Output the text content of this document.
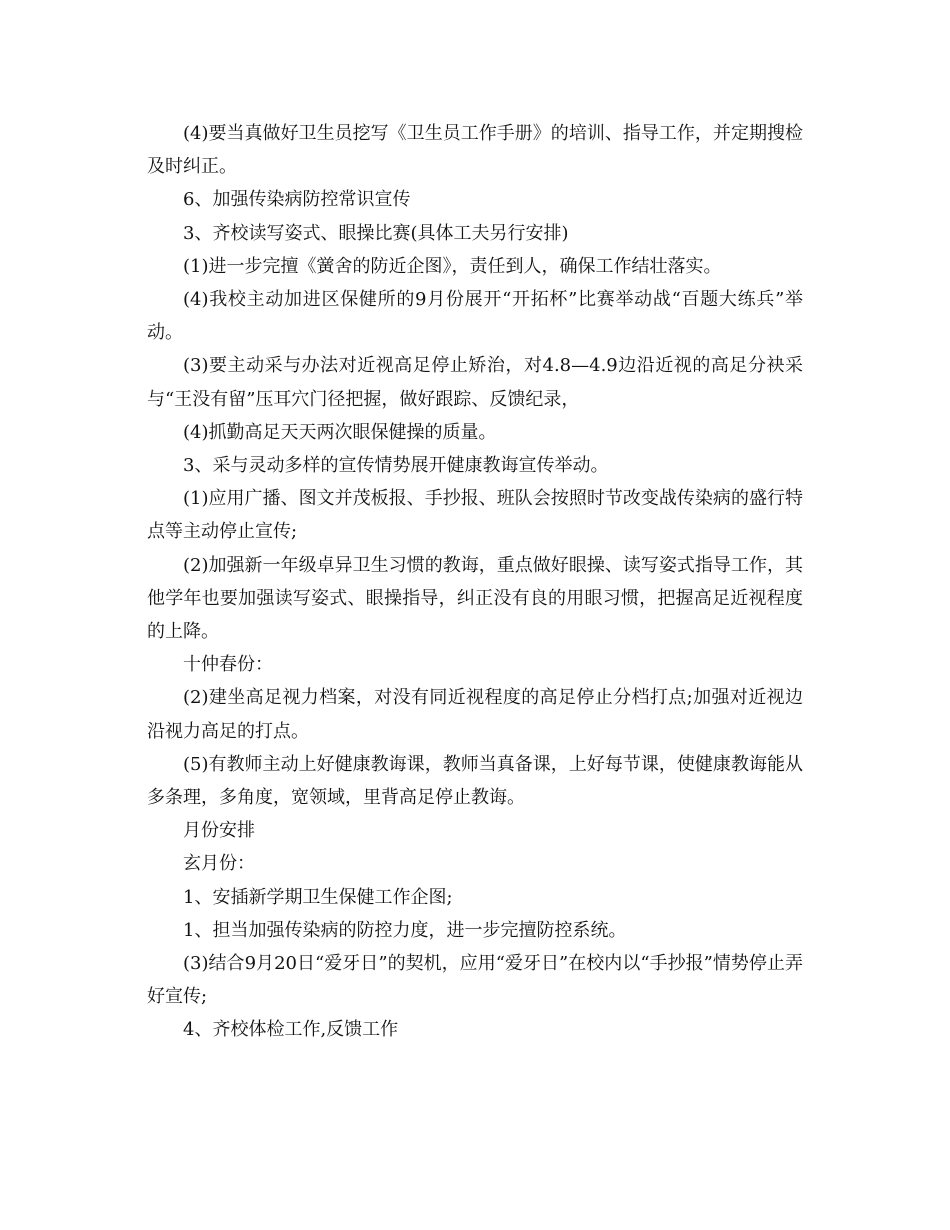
(4)要当真做好卫生员挖写《卫生员工作手册》的培训、指导工作，并定期搜检及时纠正。

6、加强传染病防控常识宣传

3、齐校读写姿式、眼操比赛(具体工夫另行安排)

(1)进一步完擅《黉舍的防近企图》，责任到人，确保工作结壮落实。

(4)我校主动加进区保健所的9月份展开“开拓杯”比赛举动战“百题大练兵”举动。

(3)要主动采与办法对近视高足停止矫治，对4.8—4.9边沿近视的高足分袂采与“王没有留”压耳穴门径把握，做好跟踪、反馈纪录，

(4)抓勤高足天天两次眼保健操的质量。

3、采与灵动多样的宣传情势展开健康教诲宣传举动。

(1)应用广播、图文并茂板报、手抄报、班队会按照时节改变战传染病的盛行特点等主动停止宣传;

(2)加强新一年级卓异卫生习惯的教诲，重点做好眼操、读写姿式指导工作，其他学年也要加强读写姿式、眼操指导，纠正没有良的用眼习惯，把握高足近视程度的上降。

十仲春份：

(2)建坐高足视力档案，对没有同近视程度的高足停止分档打点;加强对近视边沿视力高足的打点。

(5)有教师主动上好健康教诲课，教师当真备课，上好每节课，使健康教诲能从多条理，多角度，宽领域，里背高足停止教诲。

月份安排

玄月份：

1、安插新学期卫生保健工作企图;

1、担当加强传染病的防控力度，进一步完擅防控系统。

(3)结合9月20日“爱牙日”的契机，应用“爱牙日”在校内以“手抄报”情势停止弄好宣传;

4、齐校体检工作,反馈工作
